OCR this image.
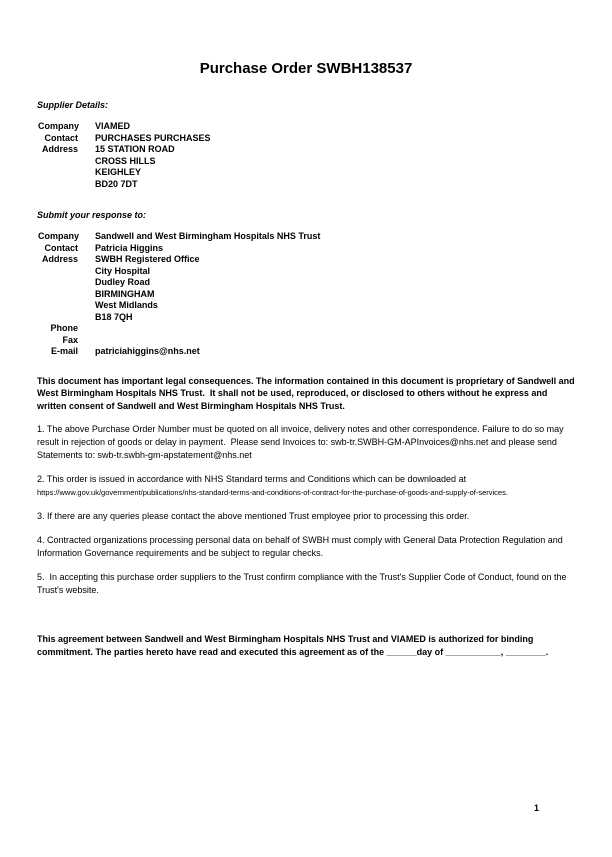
Purchase Order SWBH138537
Supplier Details:
Company VIAMED
Contact PURCHASES PURCHASES
Address 15 STATION ROAD
CROSS HILLS
KEIGHLEY
BD20 7DT
Submit your response to:
Company Sandwell and West Birmingham Hospitals NHS Trust
Contact Patricia Higgins
Address SWBH Registered Office
City Hospital
Dudley Road
BIRMINGHAM
West Midlands
B18 7QH
Phone
Fax
E-mail patriciahiggins@nhs.net
This document has important legal consequences. The information contained in this document is proprietary of Sandwell and West Birmingham Hospitals NHS Trust.  It shall not be used, reproduced, or disclosed to others without he express and written consent of Sandwell and West Birmingham Hospitals NHS Trust.

1. The above Purchase Order Number must be quoted on all invoice, delivery notes and other correspondence. Failure to do so may result in rejection of goods or delay in payment.  Please send Invoices to: swb-tr.SWBH-GM-APInvoices@nhs.net and please send Statements to: swb-tr.swbh-gm-apstatement@nhs.net

2. This order is issued in accordance with NHS Standard terms and Conditions which can be downloaded at https://www.gov.uk/government/publications/nhs-standard-terms-and-conditions-of-contract-for-the-purchase-of-goods-and-supply-of-services.

3. If there are any queries please contact the above mentioned Trust employee prior to processing this order.

4. Contracted organizations processing personal data on behalf of SWBH must comply with General Data Protection Regulation and Information Governance requirements and be subject to regular checks.

5.  In accepting this purchase order suppliers to the Trust confirm compliance with the Trust's Supplier Code of Conduct, found on the Trust's website.

This agreement between Sandwell and West Birmingham Hospitals NHS Trust and VIAMED is authorized for binding commitment. The parties hereto have read and executed this agreement as of the ______day of ___________, ________.
1
